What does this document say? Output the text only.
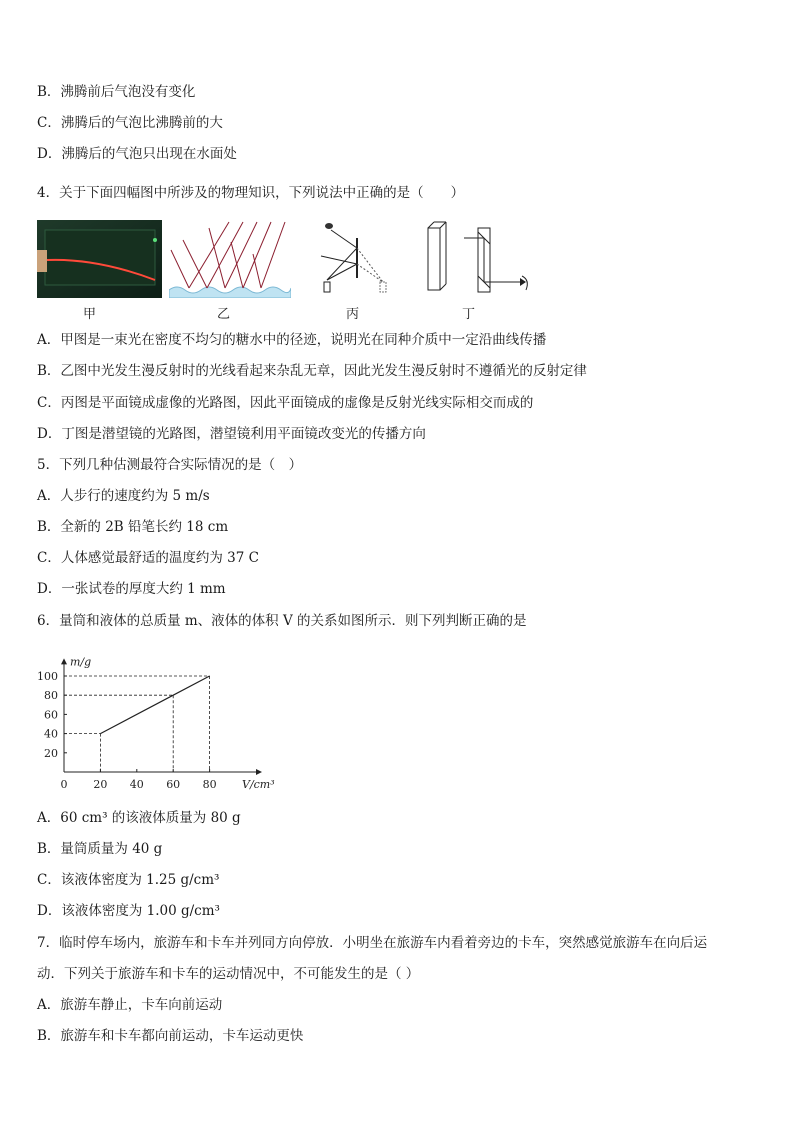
B．沸腾前后气泡没有变化
C．沸腾后的气泡比沸腾前的大
D．沸腾后的气泡只出现在水面处
4．关于下面四幅图中所涉及的物理知识，下列说法中正确的是（　　）
甲	乙	丙	丁
A．甲图是一束光在密度不均匀的糖水中的径迹，说明光在同种介质中一定沿曲线传播
B．乙图中光发生漫反射时的光线看起来杂乱无章，因此光发生漫反射时不遵循光的反射定律
C．丙图是平面镜成虚像的光路图，因此平面镜成的虚像是反射光线实际相交而成的
D．丁图是潜望镜的光路图，潜望镜利用平面镜改变光的传播方向
5．下列几种估测最符合实际情况的是（　）
A．人步行的速度约为 5 m/s
B．全新的 2B 铅笔长约 18 cm
C．人体感觉最舒适的温度约为 37 C
D．一张试卷的厚度大约 1 mm
6．量筒和液体的总质量 m、液体的体积 V 的关系如图所示．则下列判断正确的是
m/g
V/cm³
0 20 40 60 80
20
40
60
80
100
A．60 cm³ 的该液体质量为 80 g
B．量筒质量为 40 g
C．该液体密度为 1.25 g/cm³
D．该液体密度为 1.00 g/cm³
7．临时停车场内，旅游车和卡车并列同方向停放．小明坐在旅游车内看着旁边的卡车，突然感觉旅游车在向后运
动．下列关于旅游车和卡车的运动情况中，不可能发生的是（ ）
A．旅游车静止，卡车向前运动
B．旅游车和卡车都向前运动，卡车运动更快
